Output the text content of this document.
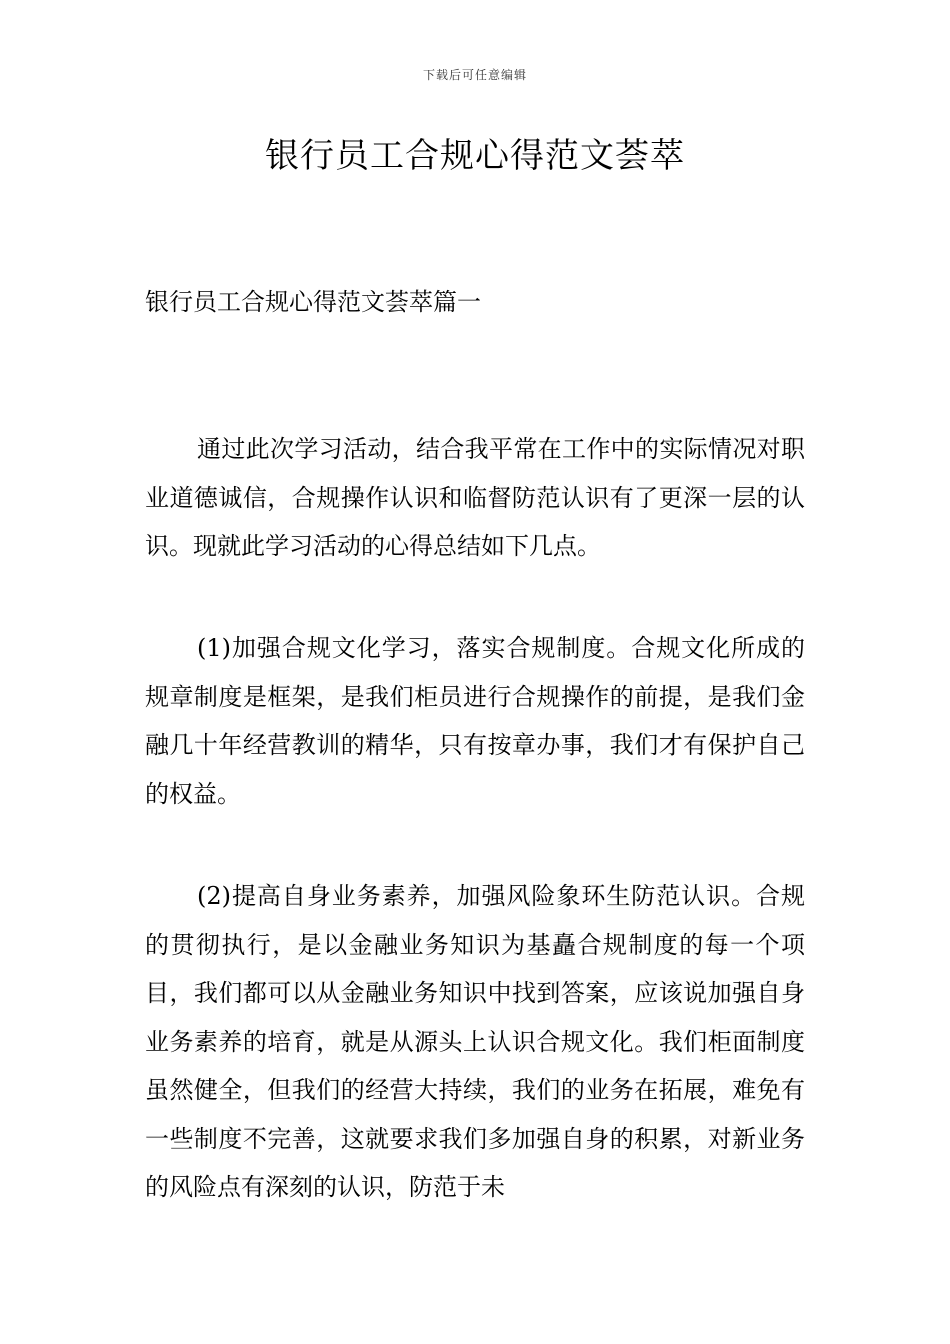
下载后可任意编辑
银行员工合规心得范文荟萃
银行员工合规心得范文荟萃篇一

通过此次学习活动，结合我平常在工作中的实际情况对职业道德诚信，合规操作认识和临督防范认识有了更深一层的认识。现就此学习活动的心得总结如下几点。

(1)加强合规文化学习，落实合规制度。合规文化所成的规章制度是框架，是我们柜员进行合规操作的前提，是我们金融几十年经营教训的精华，只有按章办事，我们才有保护自己的权益。

(2)提高自身业务素养，加强风险象环生防范认识。合规的贯彻执行，是以金融业务知识为基矗合规制度的每一个项目，我们都可以从金融业务知识中找到答案，应该说加强自身业务素养的培育，就是从源头上认识合规文化。我们柜面制度虽然健全，但我们的经营大持续，我们的业务在拓展，难免有一些制度不完善，这就要求我们多加强自身的积累，对新业务的风险点有深刻的认识，防范于未
